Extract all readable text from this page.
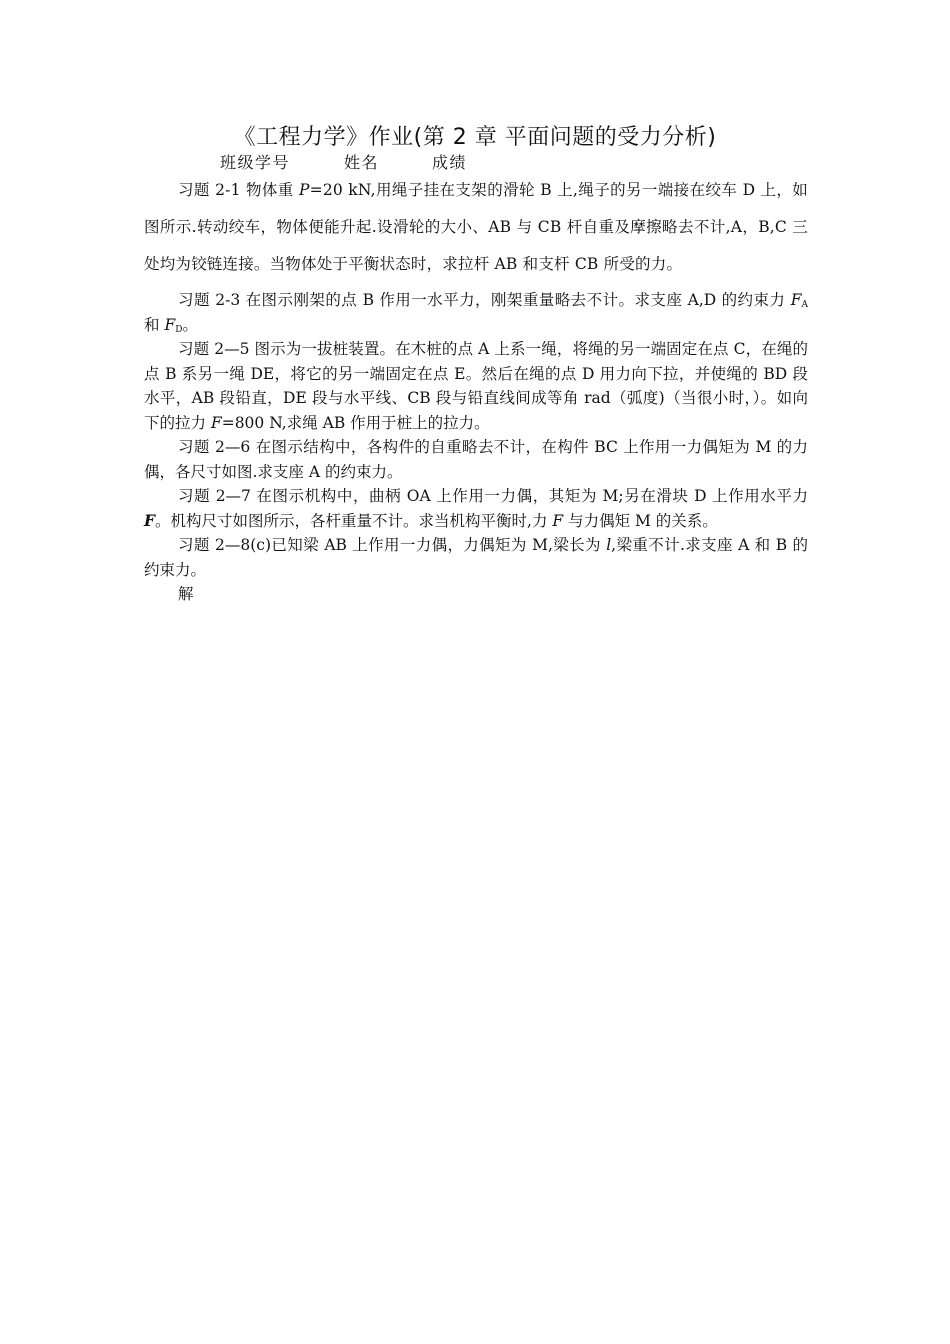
《工程力学》作业(第 2 章 平面问题的受力分析)
班级学号	姓名	成绩

习题 2-1 物体重 P=20 kN,用绳子挂在支架的滑轮 B 上,绳子的另一端接在绞车 D 上，如图所示.转动绞车，物体便能升起.设滑轮的大小、AB 与 CB 杆自重及摩擦略去不计,A，B,C 三处均为铰链连接。当物体处于平衡状态时，求拉杆 AB 和支杆 CB 所受的力。

习题 2-3 在图示刚架的点 B 作用一水平力，刚架重量略去不计。求支座 A,D 的约束力 $F_A$ 和 $F_D$。

习题 2—5 图示为一拔桩装置。在木桩的点 A 上系一绳，将绳的另一端固定在点 C，在绳的点 B 系另一绳 DE，将它的另一端固定在点 E。然后在绳的点 D 用力向下拉，并使绳的 BD 段水平，AB 段铅直，DE 段与水平线、CB 段与铅直线间成等角 rad（弧度)（当很小时，）。如向下的拉力 F=800 N,求绳 AB 作用于桩上的拉力。

习题 2—6 在图示结构中，各构件的自重略去不计，在构件 BC 上作用一力偶矩为 M 的力偶，各尺寸如图.求支座 A 的约束力。

习题 2—7 在图示机构中，曲柄 OA 上作用一力偶，其矩为 M;另在滑块 D 上作用水平力 F。机构尺寸如图所示，各杆重量不计。求当机构平衡时,力 F 与力偶矩 M 的关系。

习题 2—8(c)已知梁 AB 上作用一力偶，力偶矩为 M,梁长为 l,梁重不计.求支座 A 和 B 的约束力。

解
